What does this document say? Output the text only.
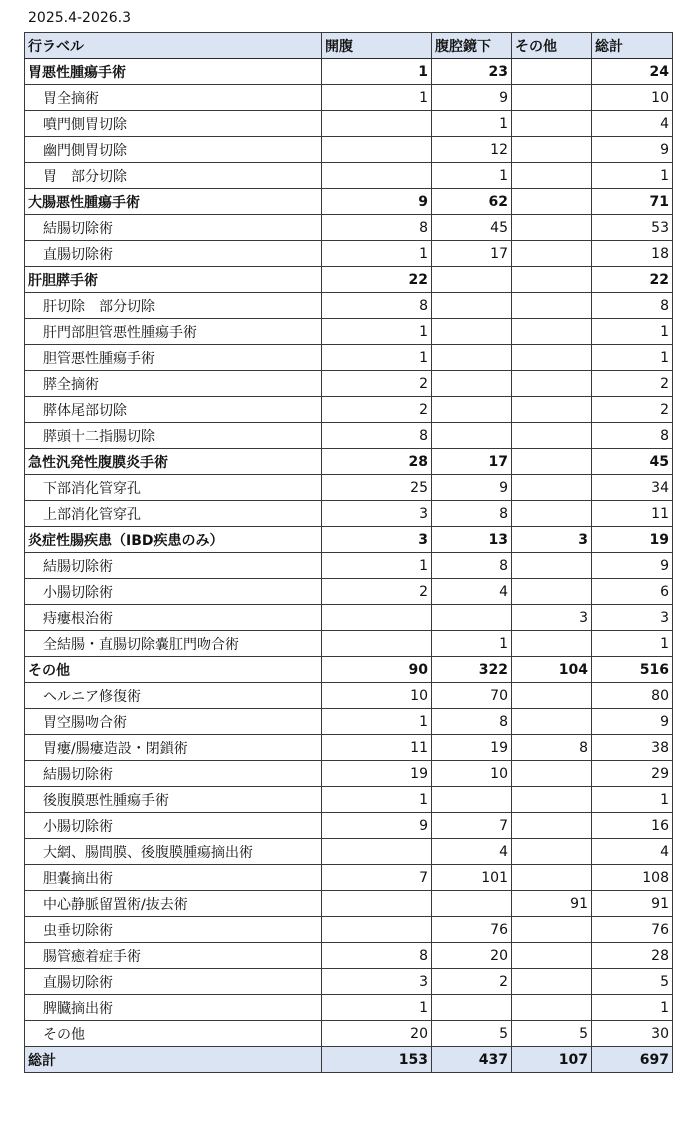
2025.4-2026.3
行ラベル	開腹	腹腔鏡下	その他	総計
胃悪性腫瘍手術	1	23		24
胃全摘術	1	9		10
噴門側胃切除		1		4
幽門側胃切除		12		9
胃　部分切除		1		1
大腸悪性腫瘍手術	9	62		71
結腸切除術	8	45		53
直腸切除術	1	17		18
肝胆膵手術	22			22
肝切除　部分切除	8			8
肝門部胆管悪性腫瘍手術	1			1
胆管悪性腫瘍手術	1			1
膵全摘術	2			2
膵体尾部切除	2			2
膵頭十二指腸切除	8			8
急性汎発性腹膜炎手術	28	17		45
下部消化管穿孔	25	9		34
上部消化管穿孔	3	8		11
炎症性腸疾患（IBD疾患のみ）	3	13	3	19
結腸切除術	1	8		9
小腸切除術	2	4		6
痔瘻根治術			3	3
全結腸・直腸切除嚢肛門吻合術		1		1
その他	90	322	104	516
ヘルニア修復術	10	70		80
胃空腸吻合術	1	8		9
胃瘻/腸瘻造設・閉鎖術	11	19	8	38
結腸切除術	19	10		29
後腹膜悪性腫瘍手術	1			1
小腸切除術	9	7		16
大網、腸間膜、後腹膜腫瘍摘出術		4		4
胆嚢摘出術	7	101		108
中心静脈留置術/抜去術			91	91
虫垂切除術		76		76
腸管癒着症手術	8	20		28
直腸切除術	3	2		5
脾臓摘出術	1			1
その他	20	5	5	30
総計	153	437	107	697
